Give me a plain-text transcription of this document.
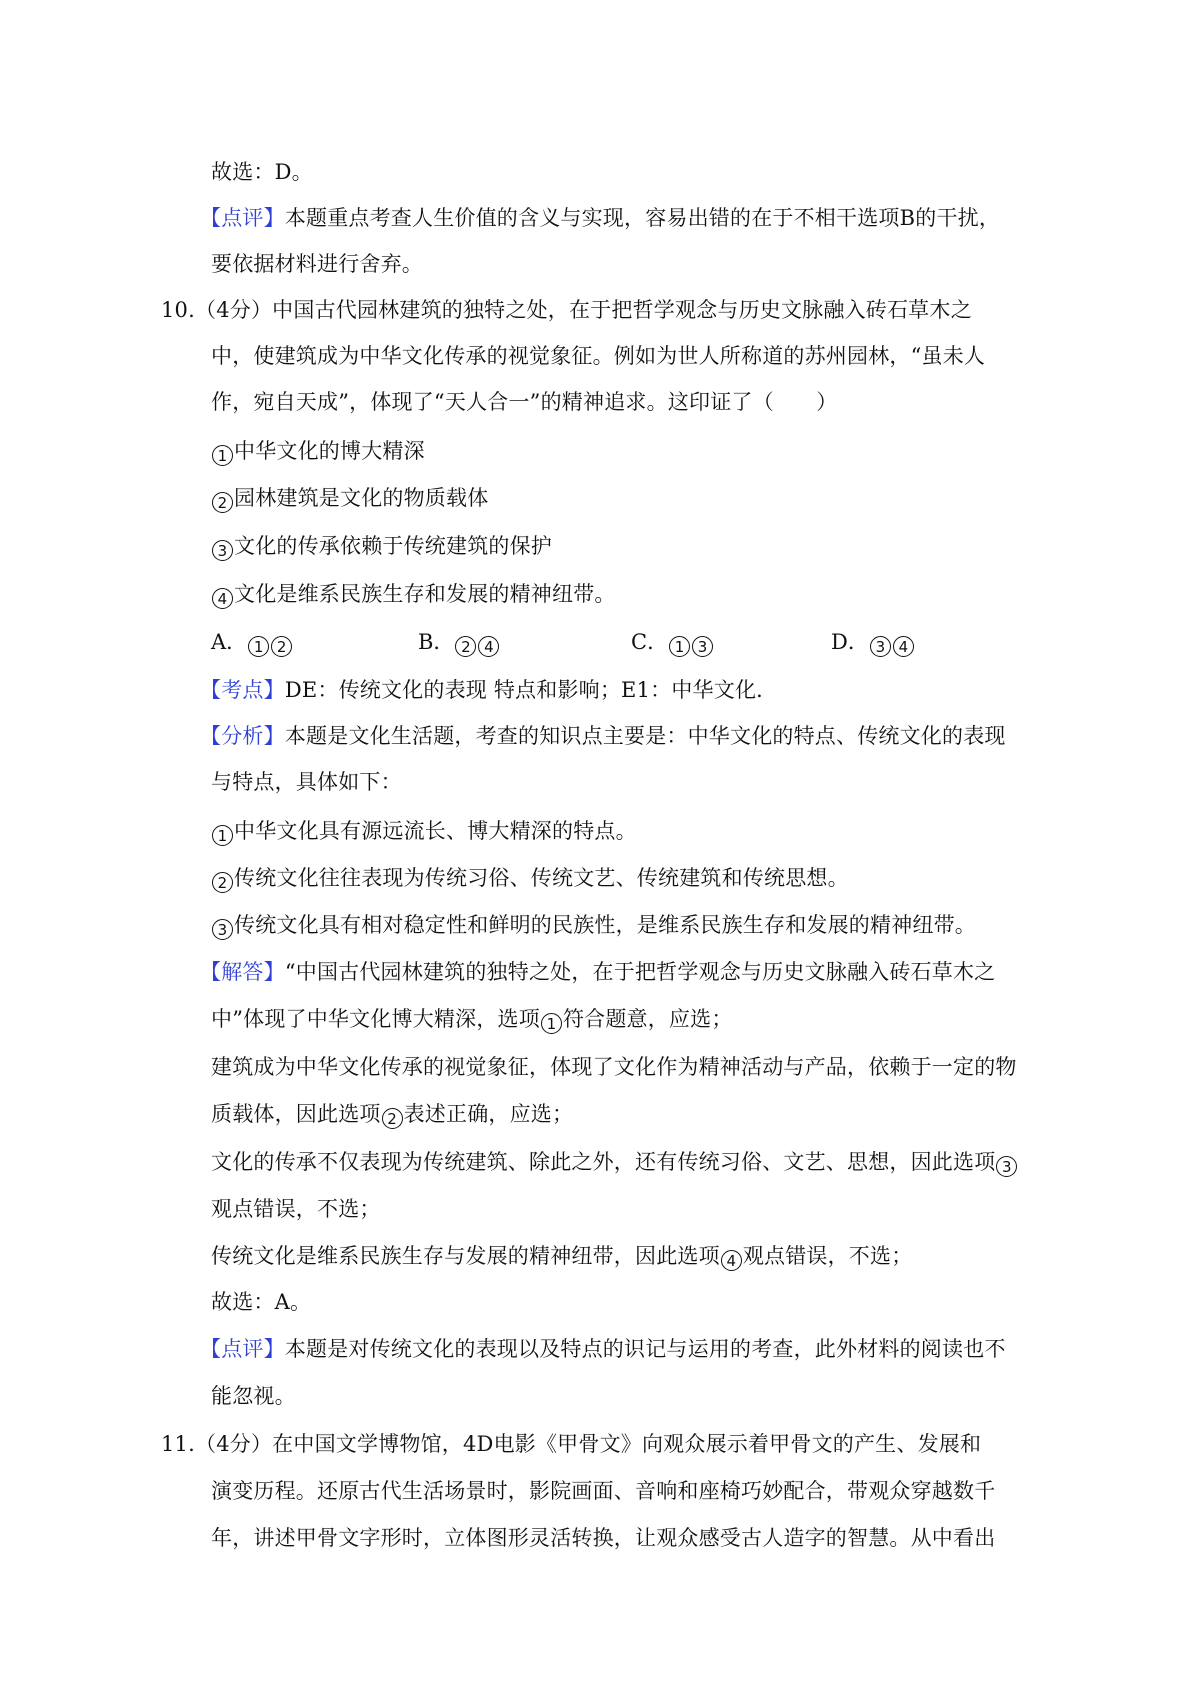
故选：D。
【点评】本题重点考查人生价值的含义与实现，容易出错的在于不相干选项B的干扰，
要依据材料进行舍弃。
10.（4分）中国古代园林建筑的独特之处，在于把哲学观念与历史文脉融入砖石草木之
中，使建筑成为中华文化传承的视觉象征。例如为世人所称道的苏州园林，“虽未人
作，宛自天成”，体现了“天人合一”的精神追求。这印证了（　　）
1 中华文化的博大精深
2 园林建筑是文化的物质载体
3 文化的传承依赖于传统建筑的保护
4 文化是维系民族生存和发展的精神纽带。
A． 1 2	B． 2 4	C． 1 3	D． 3 4
【考点】DE：传统文化的表现 特点和影响；E1：中华文化．
【分析】本题是文化生活题，考查的知识点主要是：中华文化的特点、传统文化的表现
与特点，具体如下：
1 中华文化具有源远流长、博大精深的特点。
2 传统文化往往表现为传统习俗、传统文艺、传统建筑和传统思想。
3 传统文化具有相对稳定性和鲜明的民族性，是维系民族生存和发展的精神纽带。
【解答】“中国古代园林建筑的独特之处，在于把哲学观念与历史文脉融入砖石草木之
中”体现了中华文化博大精深，选项 1 符合题意，应选；
建筑成为中华文化传承的视觉象征，体现了文化作为精神活动与产品，依赖于一定的物
质载体，因此选项 2 表述正确，应选；
文化的传承不仅表现为传统建筑、除此之外，还有传统习俗、文艺、思想，因此选项 3
观点错误，不选；
传统文化是维系民族生存与发展的精神纽带，因此选项 4 观点错误，不选；
故选：A。
【点评】本题是对传统文化的表现以及特点的识记与运用的考查，此外材料的阅读也不
能忽视。
11.（4分）在中国文学博物馆，4D电影《甲骨文》向观众展示着甲骨文的产生、发展和
演变历程。还原古代生活场景时，影院画面、音响和座椅巧妙配合，带观众穿越数千
年，讲述甲骨文字形时，立体图形灵活转换，让观众感受古人造字的智慧。从中看出
